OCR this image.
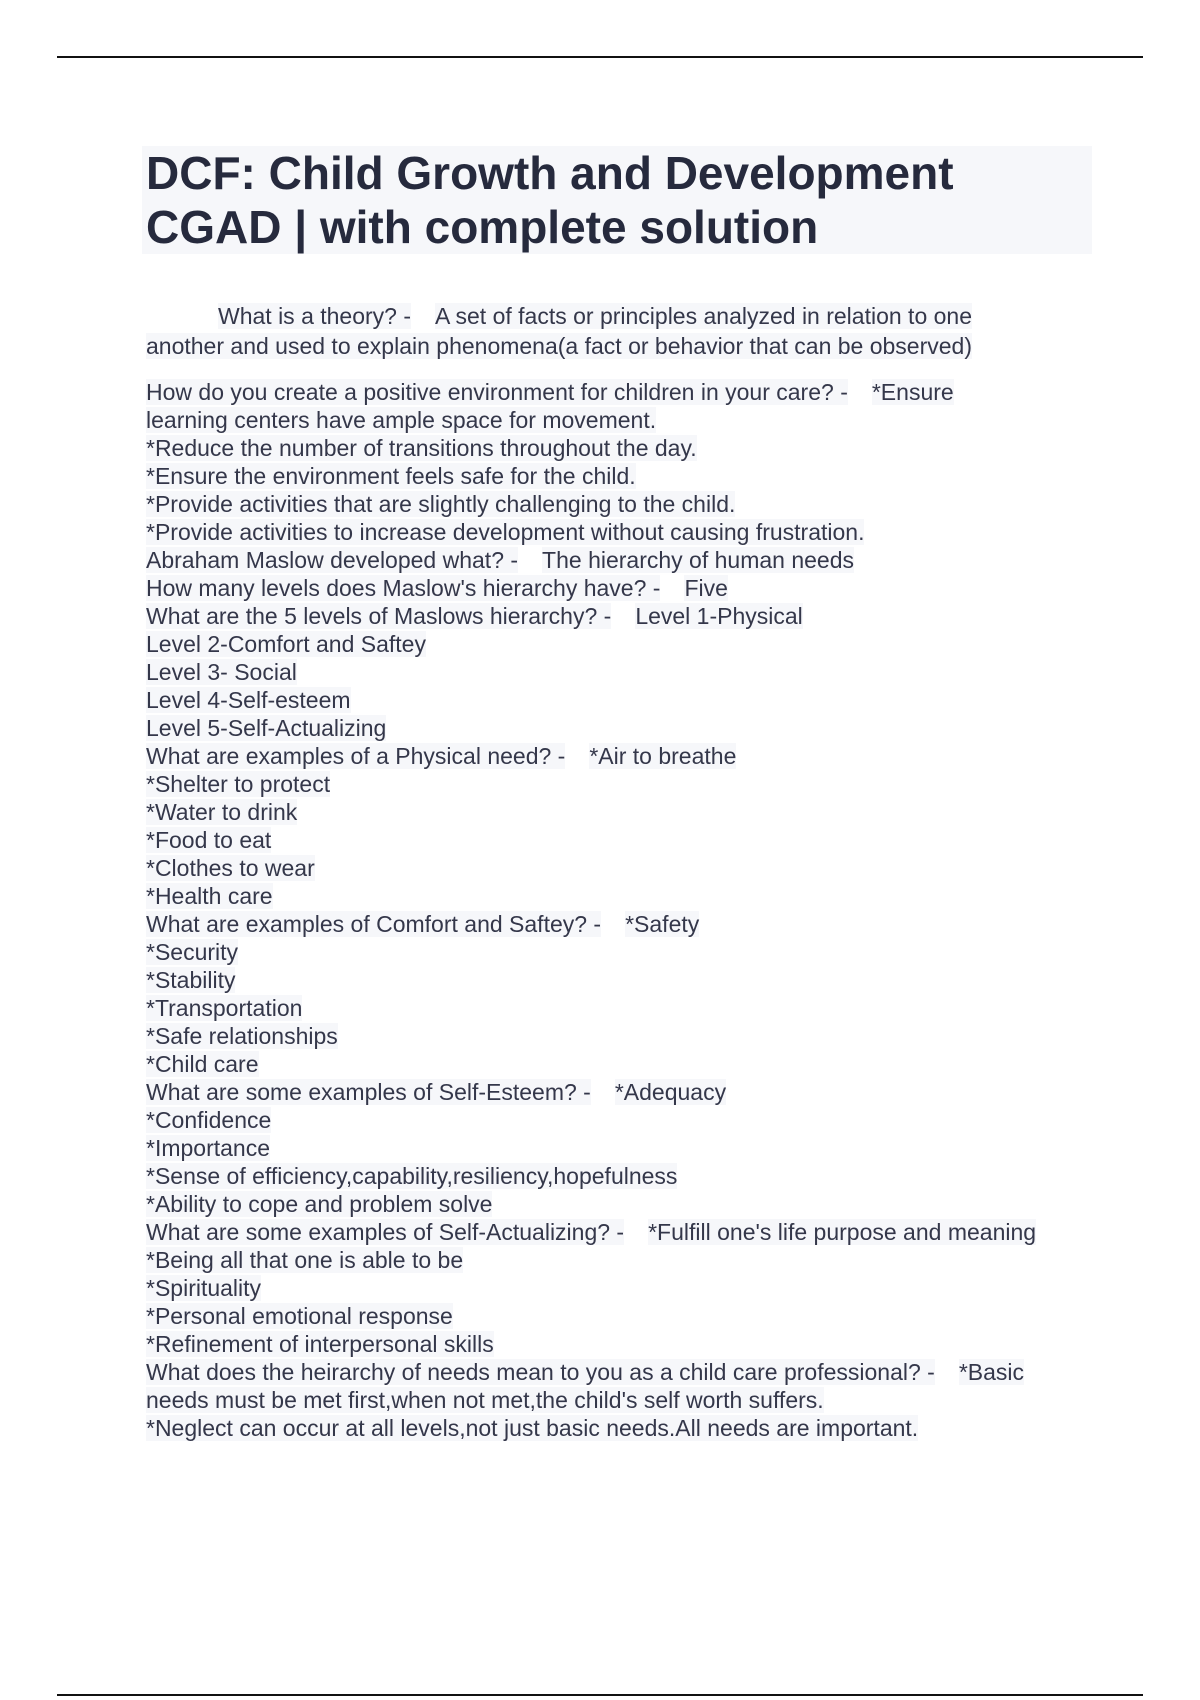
DCF: Child Growth and Development
CGAD | with complete solution
What is a theory? - A set of facts or principles analyzed in relation to one
another and used to explain phenomena(a fact or behavior that can be observed)
How do you create a positive environment for children in your care? - *Ensure
learning centers have ample space for movement.
*Reduce the number of transitions throughout the day.
*Ensure the environment feels safe for the child.
*Provide activities that are slightly challenging to the child.
*Provide activities to increase development without causing frustration.
Abraham Maslow developed what? - The hierarchy of human needs
How many levels does Maslow's hierarchy have? - Five
What are the 5 levels of Maslows hierarchy? - Level 1-Physical
Level 2-Comfort and Saftey
Level 3- Social
Level 4-Self-esteem
Level 5-Self-Actualizing
What are examples of a Physical need? - *Air to breathe
*Shelter to protect
*Water to drink
*Food to eat
*Clothes to wear
*Health care
What are examples of Comfort and Saftey? - *Safety
*Security
*Stability
*Transportation
*Safe relationships
*Child care
What are some examples of Self-Esteem? - *Adequacy
*Confidence
*Importance
*Sense of efficiency,capability,resiliency,hopefulness
*Ability to cope and problem solve
What are some examples of Self-Actualizing? - *Fulfill one's life purpose and meaning
*Being all that one is able to be
*Spirituality
*Personal emotional response
*Refinement of interpersonal skills
What does the heirarchy of needs mean to you as a child care professional? - *Basic
needs must be met first,when not met,the child's self worth suffers.
*Neglect can occur at all levels,not just basic needs.All needs are important.
